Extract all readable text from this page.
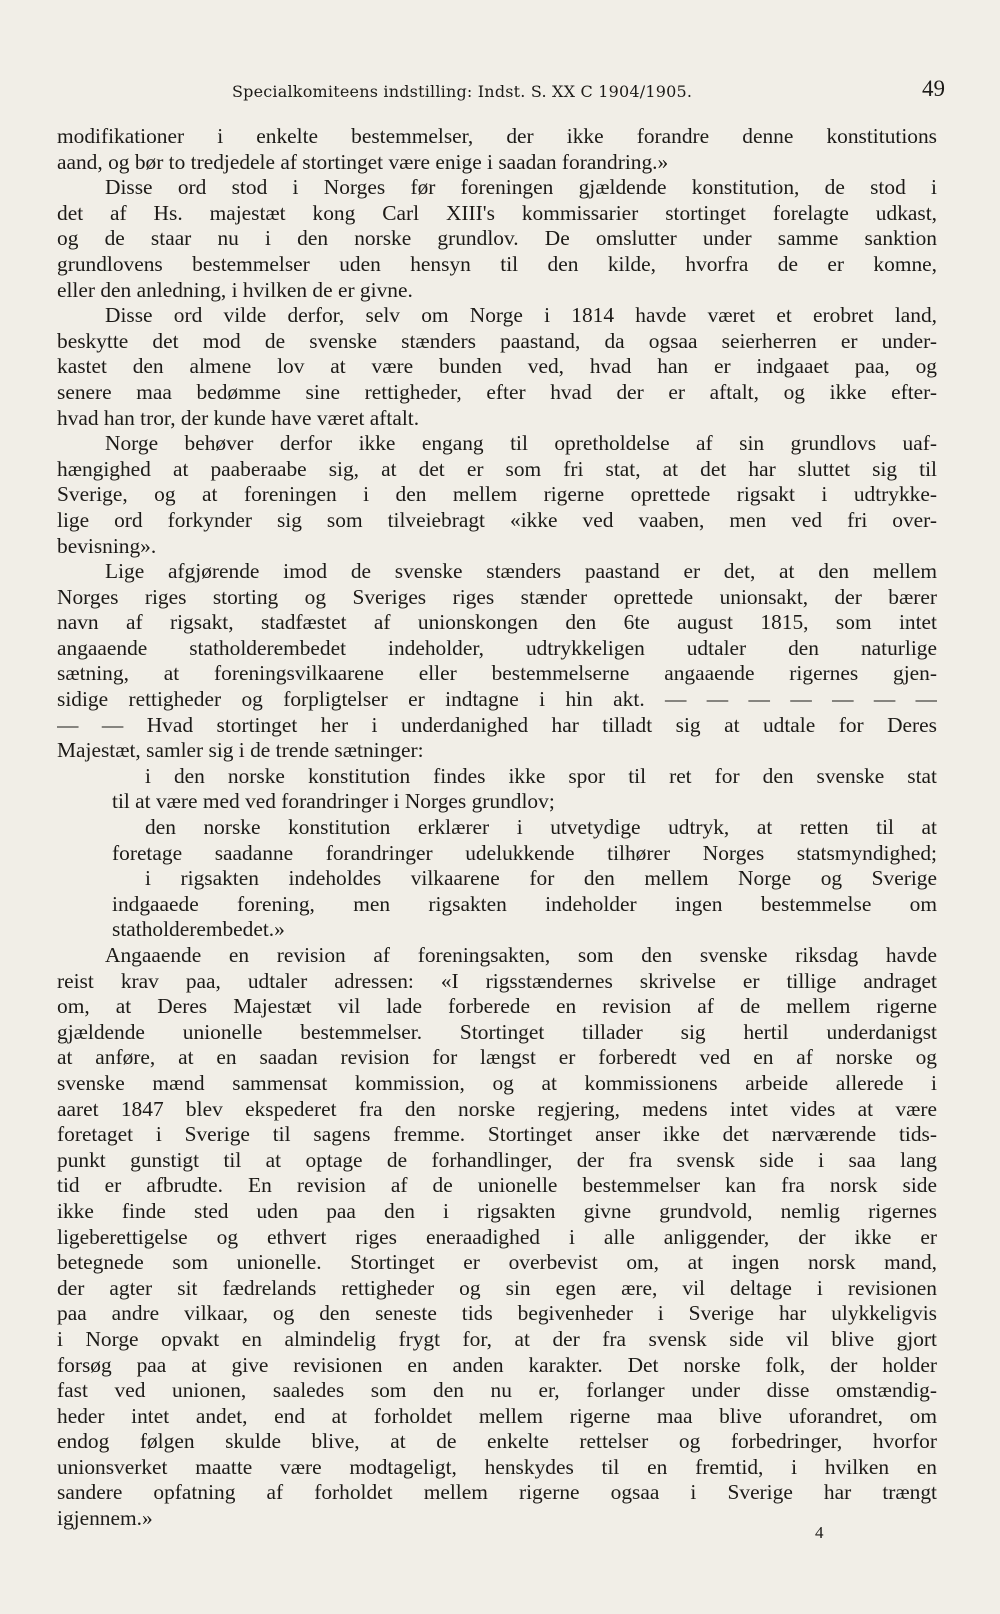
Specialkomiteens indstilling: Indst. S. XX C 1904/1905.	49
modifikationer i enkelte bestemmelser, der ikke forandre denne konstitutions
aand, og bør to tredjedele af stortinget være enige i saadan forandring.»
Disse ord stod i Norges før foreningen gjældende konstitution, de stod i
det af Hs. majestæt kong Carl XIII's kommissarier stortinget forelagte udkast,
og de staar nu i den norske grundlov. De omslutter under samme sanktion
grundlovens bestemmelser uden hensyn til den kilde, hvorfra de er komne,
eller den anledning, i hvilken de er givne.
Disse ord vilde derfor, selv om Norge i 1814 havde været et erobret land,
beskytte det mod de svenske stænders paastand, da ogsaa seierherren er under-
kastet den almene lov at være bunden ved, hvad han er indgaaet paa, og
senere maa bedømme sine rettigheder, efter hvad der er aftalt, og ikke efter-
hvad han tror, der kunde have været aftalt.
Norge behøver derfor ikke engang til opretholdelse af sin grundlovs uaf-
hængighed at paaberaabe sig, at det er som fri stat, at det har sluttet sig til
Sverige, og at foreningen i den mellem rigerne oprettede rigsakt i udtrykke-
lige ord forkynder sig som tilveiebragt «ikke ved vaaben, men ved fri over-
bevisning».
Lige afgjørende imod de svenske stænders paastand er det, at den mellem
Norges riges storting og Sveriges riges stænder oprettede unionsakt, der bærer
navn af rigsakt, stadfæstet af unionskongen den 6te august 1815, som intet
angaaende statholderembedet indeholder, udtrykkeligen udtaler den naturlige
sætning, at foreningsvilkaarene eller bestemmelserne angaaende rigernes gjen-
sidige rettigheder og forpligtelser er indtagne i hin akt. — — — — — — —
— — Hvad stortinget her i underdanighed har tilladt sig at udtale for Deres
Majestæt, samler sig i de trende sætninger:
i den norske konstitution findes ikke spor til ret for den svenske stat
til at være med ved forandringer i Norges grundlov;
den norske konstitution erklærer i utvetydige udtryk, at retten til at
foretage saadanne forandringer udelukkende tilhører Norges statsmyndighed;
i rigsakten indeholdes vilkaarene for den mellem Norge og Sverige
indgaaede forening, men rigsakten indeholder ingen bestemmelse om
statholderembedet.»
Angaaende en revision af foreningsakten, som den svenske riksdag havde
reist krav paa, udtaler adressen: «I rigsstændernes skrivelse er tillige andraget
om, at Deres Majestæt vil lade forberede en revision af de mellem rigerne
gjældende unionelle bestemmelser. Stortinget tillader sig hertil underdanigst
at anføre, at en saadan revision for længst er forberedt ved en af norske og
svenske mænd sammensat kommission, og at kommissionens arbeide allerede i
aaret 1847 blev ekspederet fra den norske regjering, medens intet vides at være
foretaget i Sverige til sagens fremme. Stortinget anser ikke det nærværende tids-
punkt gunstigt til at optage de forhandlinger, der fra svensk side i saa lang
tid er afbrudte. En revision af de unionelle bestemmelser kan fra norsk side
ikke finde sted uden paa den i rigsakten givne grundvold, nemlig rigernes
ligeberettigelse og ethvert riges eneraadighed i alle anliggender, der ikke er
betegnede som unionelle. Stortinget er overbevist om, at ingen norsk mand,
der agter sit fædrelands rettigheder og sin egen ære, vil deltage i revisionen
paa andre vilkaar, og den seneste tids begivenheder i Sverige har ulykkeligvis
i Norge opvakt en almindelig frygt for, at der fra svensk side vil blive gjort
forsøg paa at give revisionen en anden karakter. Det norske folk, der holder
fast ved unionen, saaledes som den nu er, forlanger under disse omstændig-
heder intet andet, end at forholdet mellem rigerne maa blive uforandret, om
endog følgen skulde blive, at de enkelte rettelser og forbedringer, hvorfor
unionsverket maatte være modtageligt, henskydes til en fremtid, i hvilken en
sandere opfatning af forholdet mellem rigerne ogsaa i Sverige har trængt
igjennem.»
4
